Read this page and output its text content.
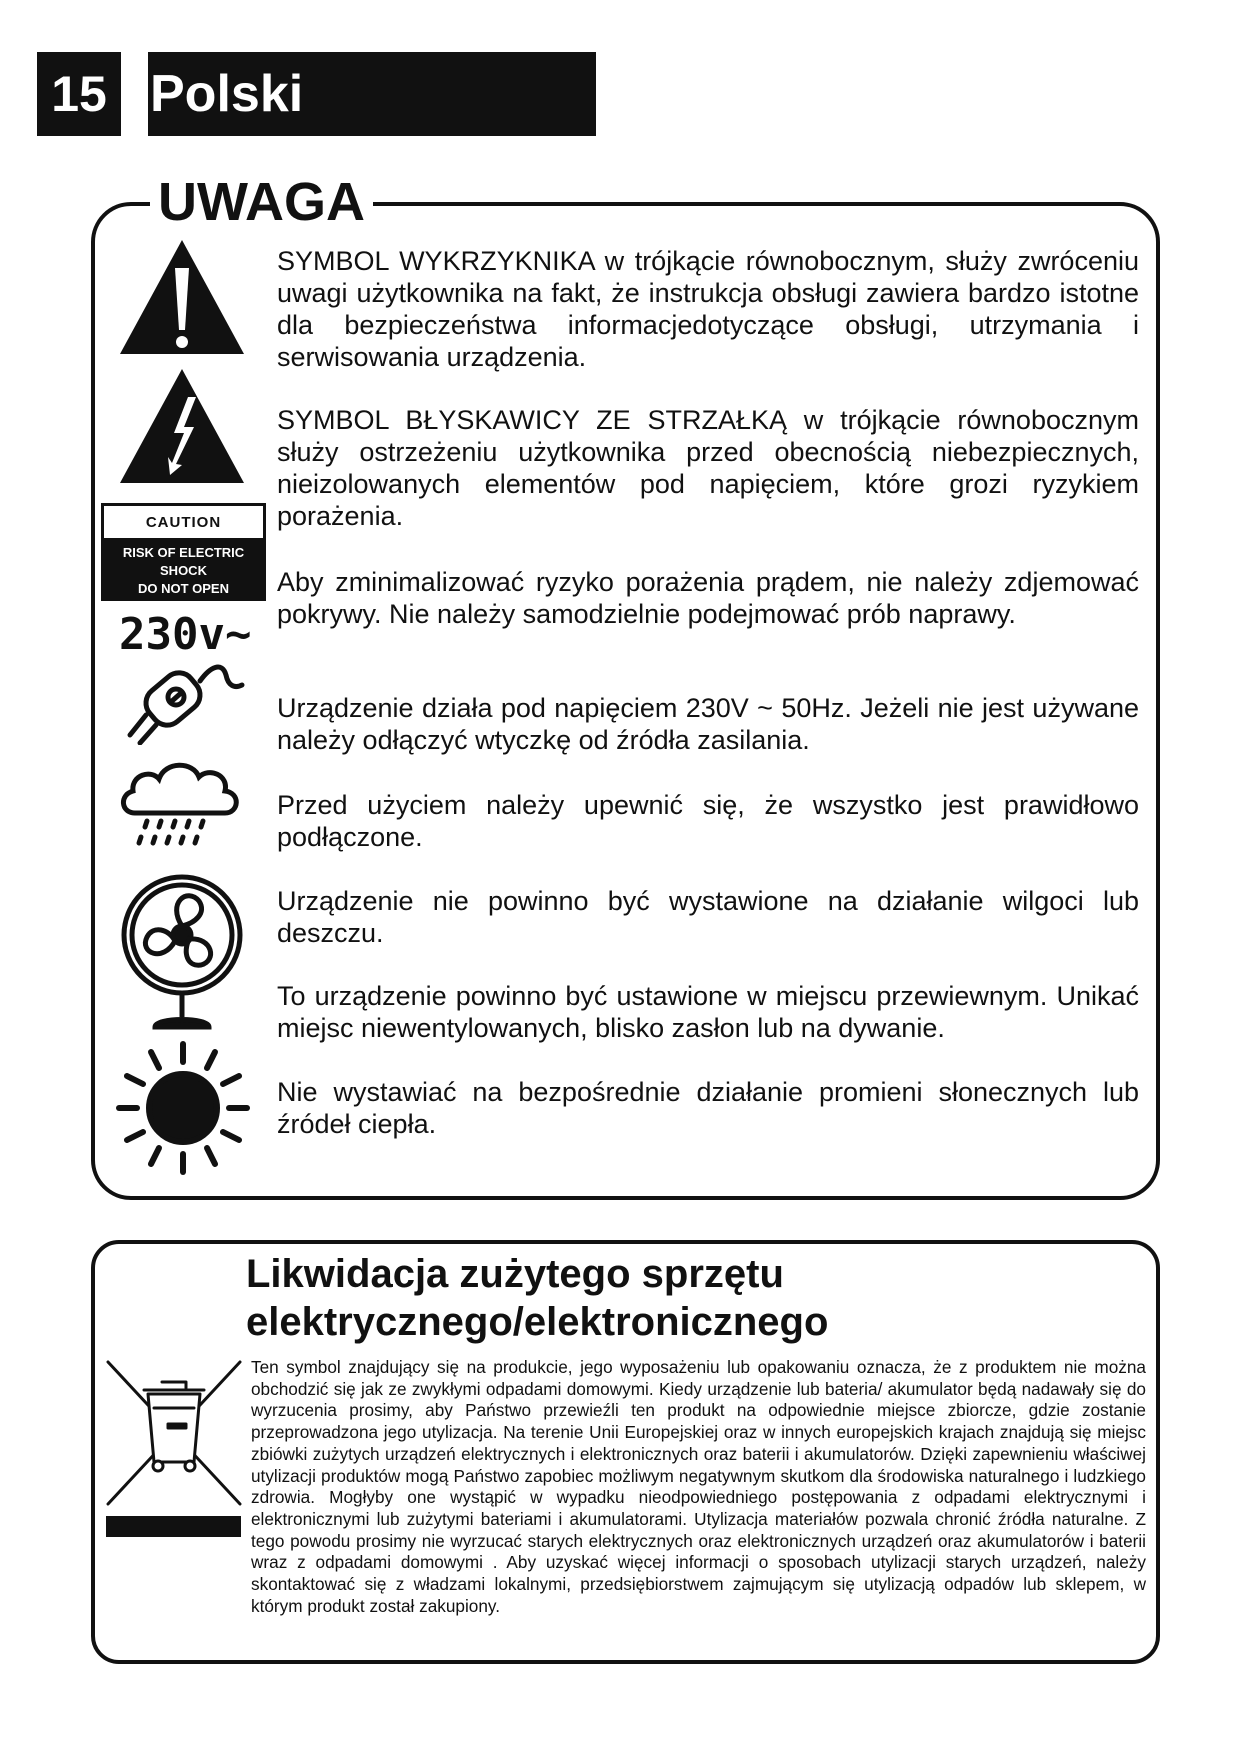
15 Polski
UWAGA
CAUTION
RISK OF ELECTRIC
SHOCK
DO NOT OPEN
230v~

SYMBOL WYKRZYKNIKA w trójkącie równobocznym, służy zwróceniu uwagi użytkownika na fakt, że instrukcja obsługi zawiera bardzo istotne dla bezpieczeństwa informacjedotyczące obsługi, utrzymania i serwisowania urządzenia.

SYMBOL BŁYSKAWICY ZE STRZAŁKĄ w trójkącie równobocznym służy ostrzeżeniu użytkownika przed obecnością niebezpiecznych, nieizolowanych elementów pod napięciem, które grozi ryzykiem porażenia.

Aby zminimalizować ryzyko porażenia prądem, nie należy zdjemować pokrywy. Nie należy samodzielnie podejmować prób naprawy.

Urządzenie działa pod napięciem 230V ~ 50Hz. Jeżeli nie jest używane należy odłączyć wtyczkę od źródła zasilania.

Przed użyciem należy upewnić się, że wszystko jest prawidłowo podłączone.

Urządzenie nie powinno być wystawione na działanie wilgoci lub deszczu.

To urządzenie powinno być ustawione w miejscu przewiewnym. Unikać miejsc niewentylowanych, blisko zasłon lub na dywanie.

Nie wystawiać na bezpośrednie działanie promieni słonecznych lub źródeł ciepła.

Likwidacja zużytego sprzętu
elektrycznego/elektronicznego

Ten symbol znajdujący się na produkcie, jego wyposażeniu lub opakowaniu oznacza, że z produktem nie można obchodzić się jak ze zwykłymi odpadami domowymi. Kiedy urządzenie lub bateria/ akumulator będą nadawały się do wyrzucenia prosimy, aby Państwo przewieźli ten produkt na odpowiednie miejsce zbiorcze, gdzie zostanie przeprowadzona jego utylizacja. Na terenie Unii Europejskiej oraz w innych europejskich krajach znajdują się miejsc zbiówki zużytych urządzeń elektrycznych i elektronicznych oraz baterii i akumulatorów. Dzięki zapewnieniu właściwej utylizacji produktów mogą Państwo zapobiec możliwym negatywnym skutkom dla środowiska naturalnego i ludzkiego zdrowia. Mogłyby one wystąpić w wypadku nieodpowiedniego postępowania z odpadami elektrycznymi i elektronicznymi lub zużytymi bateriami i akumulatorami. Utylizacja materiałów pozwala chronić źródła naturalne. Z tego powodu prosimy nie wyrzucać starych elektrycznych oraz elektronicznych urządzeń oraz akumulatorów i baterii wraz z odpadami domowymi . Aby uzyskać więcej informacji o sposobach utylizacji starych urządzeń, należy skontaktować się z władzami lokalnymi, przedsiębiorstwem zajmującym się utylizacją odpadów lub sklepem, w którym produkt został zakupiony.
